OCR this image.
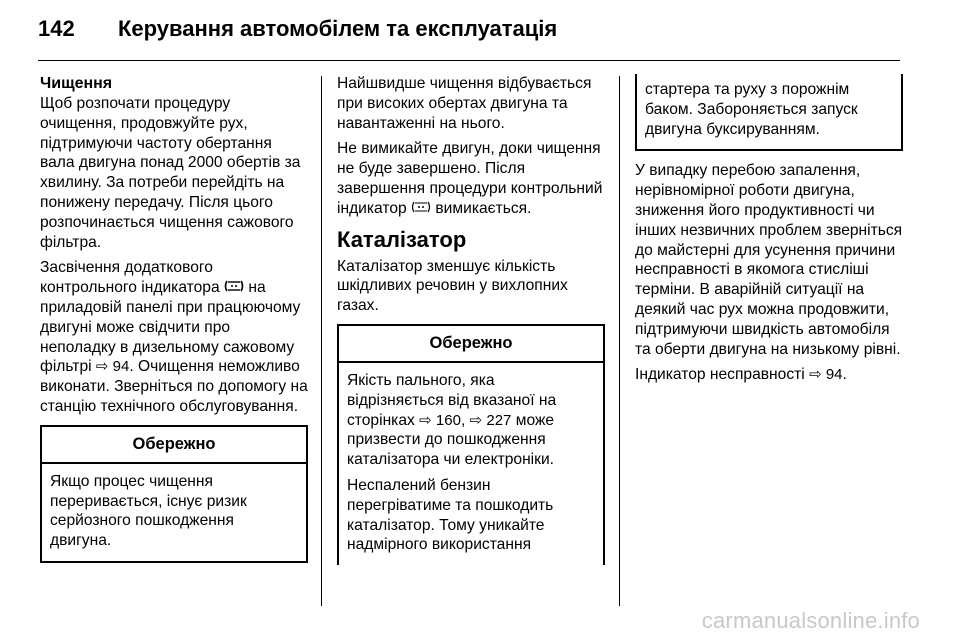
142	Керування автомобілем та експлуатація
Чищення

Щоб розпочати процедуру очищення, продовжуйте рух, підтримуючи частоту обертання вала двигуна понад 2000 обертів за хвилину. За потреби перейдіть на понижену передачу. Після цього розпочинається чищення сажового фільтра.

Засвічення додаткового контрольного індикатора на приладовій панелі при працюючому двигуні може свідчити про неполадку в дизельному сажовому фільтрі ⇨ 94. Очищення неможливо виконати. Зверніться по допомогу на станцію технічного обслуговування.

Обережно

Якщо процес чищення переривається, існує ризик серйозного пошкодження двигуна.

Найшвидше чищення відбувається при високих обертах двигуна та навантаженні на нього.

Не вимикайте двигун, доки чищення не буде завершено. Після завершення процедури контрольний індикатор вимикається.

Каталізатор

Каталізатор зменшує кількість шкідливих речовин у вихлопних газах.

Обережно

Якість пального, яка відрізняється від вказаної на сторінках ⇨ 160, ⇨ 227 може призвести до пошкодження каталізатора чи електроніки.

Неспалений бензин перегріватиме та пошкодить каталізатор. Тому уникайте надмірного використання

стартера та руху з порожнім баком. Забороняється запуск двигуна буксируванням.

У випадку перебою запалення, нерівномірної роботи двигуна, зниження його продуктивності чи інших незвичних проблем зверніться до майстерні для усунення причини несправності в якомога стисліші терміни. В аварійній ситуації на деякий час рух можна продовжити, підтримуючи швидкість автомобіля та оберти двигуна на низькому рівні.

Індикатор несправності ⇨ 94.

carmanualsonline.info
